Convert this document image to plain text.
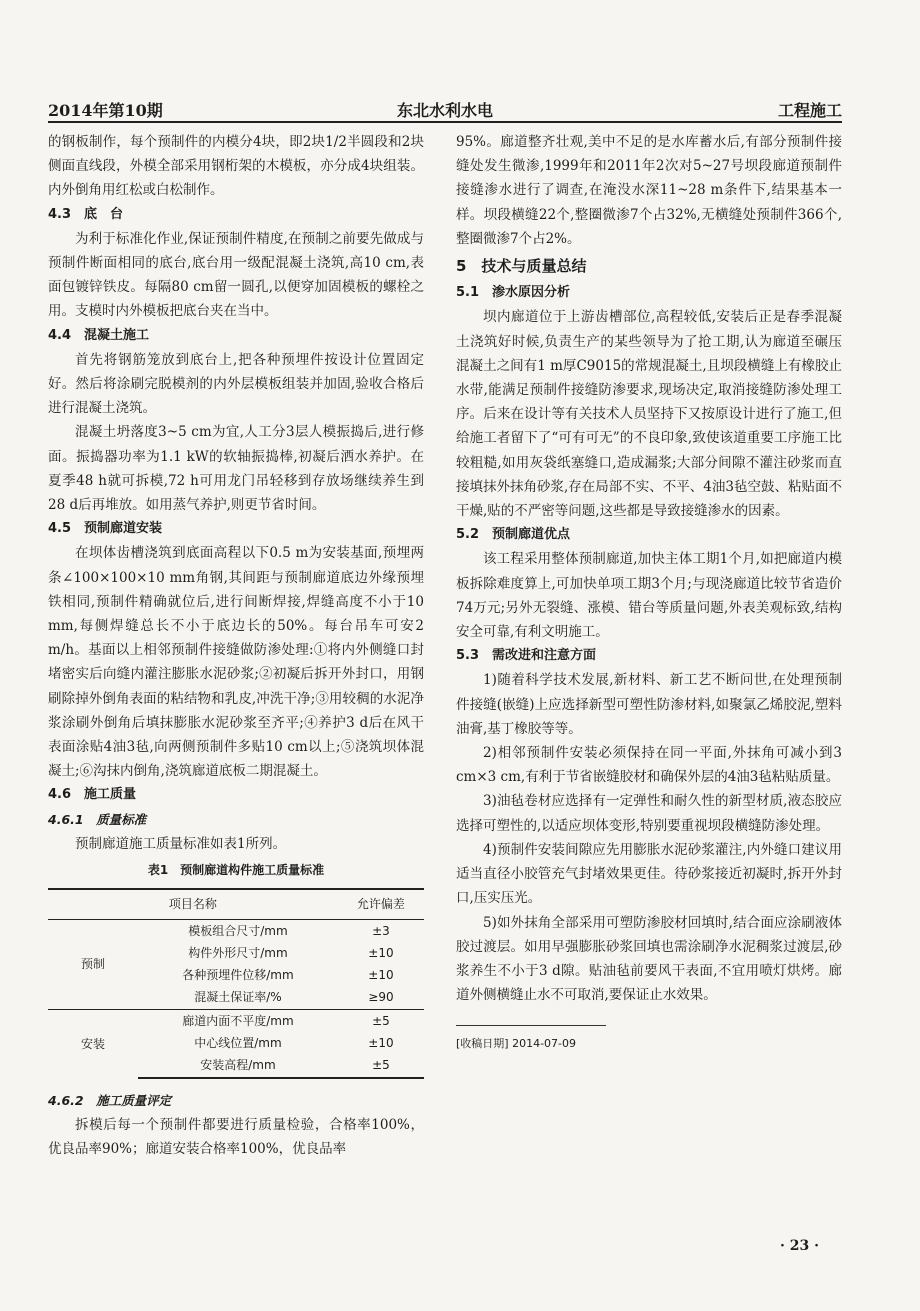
2014年第10期	东北水利水电	工程施工

的钢板制作，每个预制件的内模分4块，即2块1/2半圆段和2块侧面直线段，外模全部采用钢桁架的木模板，亦分成4块组装。内外倒角用红松或白松制作。

4.3　底　台

为利于标准化作业,保证预制件精度,在预制之前要先做成与预制件断面相同的底台,底台用一级配混凝土浇筑,高10 cm,表面包镀锌铁皮。每隔80 cm留一圆孔,以便穿加固模板的螺栓之用。支模时内外模板把底台夹在当中。

4.4　混凝土施工

首先将钢筋笼放到底台上,把各种预埋件按设计位置固定好。然后将涂刷完脱模剂的内外层模板组装并加固,验收合格后进行混凝土浇筑。

混凝土坍落度3~5 cm为宜,人工分3层人模振捣后,进行修面。振捣器功率为1.1 kW的软轴振捣棒,初凝后洒水养护。在夏季48 h就可拆模,72 h可用龙门吊轻移到存放场继续养生到28 d后再堆放。如用蒸气养护,则更节省时间。

4.5　预制廊道安装

在坝体齿槽浇筑到底面高程以下0.5 m为安装基面,预埋两条∠100×100×10 mm角钢,其间距与预制廊道底边外缘预埋铁相同,预制件精确就位后,进行间断焊接,焊缝高度不小于10 mm,每侧焊缝总长不小于底边长的50%。每台吊车可安2 m/h。基面以上相邻预制件接缝做防渗处理:①将内外侧缝口封堵密实后向缝内灌注膨胀水泥砂浆;②初凝后拆开外封口，用钢刷除掉外倒角表面的粘结物和乳皮,冲洗干净;③用较稠的水泥净浆涂刷外倒角后填抹膨胀水泥砂浆至齐平;④养护3 d后在风干表面涂贴4油3毡,向两侧预制件多贴10 cm以上;⑤浇筑坝体混凝土;⑥沟抹内倒角,浇筑廊道底板二期混凝土。

4.6　施工质量
4.6.1　质量标准

预制廊道施工质量标准如表1所列。

表1　预制廊道构件施工质量标准
项目名称		允许偏差
预制	模板组合尺寸/mm	±3
	构件外形尺寸/mm	±10
	各种预埋件位移/mm	±10
	混凝土保证率/%	≥90
安装	廊道内面不平度/mm	±5
	中心线位置/mm	±10
	安装高程/mm	±5
4.6.2　施工质量评定

拆模后每一个预制件都要进行质量检验，合格率100%，优良品率90%；廊道安装合格率100%，优良品率

95%。廊道整齐壮观,美中不足的是水库蓄水后,有部分预制件接缝处发生微渗,1999年和2011年2次对5~27号坝段廊道预制件接缝渗水进行了调查,在淹没水深11~28 m条件下,结果基本一样。坝段横缝22个,整圈微渗7个占32%,无横缝处预制件366个,整圈微渗7个占2%。

5　技术与质量总结
5.1　渗水原因分析

坝内廊道位于上游齿槽部位,高程较低,安装后正是春季混凝土浇筑好时候,负责生产的某些领导为了抢工期,认为廊道至碾压混凝土之间有1 m厚C9015的常规混凝土,且坝段横缝上有橡胶止水带,能满足预制件接缝防渗要求,现场决定,取消接缝防渗处理工序。后来在设计等有关技术人员坚持下又按原设计进行了施工,但给施工者留下了“可有可无”的不良印象,致使该道重要工序施工比较粗糙,如用灰袋纸塞缝口,造成漏浆;大部分间隙不灌注砂浆而直接填抹外抹角砂浆,存在局部不实、不平、4油3毡空鼓、粘贴面不干燥,贴的不严密等问题,这些都是导致接缝渗水的因素。

5.2　预制廊道优点

该工程采用整体预制廊道,加快主体工期1个月,如把廊道内模板拆除难度算上,可加快单项工期3个月;与现浇廊道比较节省造价74万元;另外无裂缝、涨模、错台等质量问题,外表美观标致,结构安全可靠,有利文明施工。

5.3　需改进和注意方面

1)随着科学技术发展,新材料、新工艺不断问世,在处理预制件接缝(嵌缝)上应选择新型可塑性防渗材料,如聚氯乙烯胶泥,塑料油膏,基丁橡胶等等。

2)相邻预制件安装必须保持在同一平面,外抹角可减小到3 cm×3 cm,有利于节省嵌缝胶材和确保外层的4油3毡粘贴质量。

3)油毡卷材应选择有一定弹性和耐久性的新型材质,液态胶应选择可塑性的,以适应坝体变形,特别要重视坝段横缝防渗处理。

4)预制件安装间隙应先用膨胀水泥砂浆灌注,内外缝口建议用适当直径小胶管充气封堵效果更佳。待砂浆接近初凝时,拆开外封口,压实压光。

5)如外抹角全部采用可塑防渗胶材回填时,结合面应涂刷液体胶过渡层。如用早强膨胀砂浆回填也需涂刷净水泥稠浆过渡层,砂浆养生不小于3 d隙。贴油毡前要风干表面,不宜用喷灯烘烤。廊道外侧横缝止水不可取消,要保证止水效果。

[收稿日期] 2014-07-09
· 23 ·
